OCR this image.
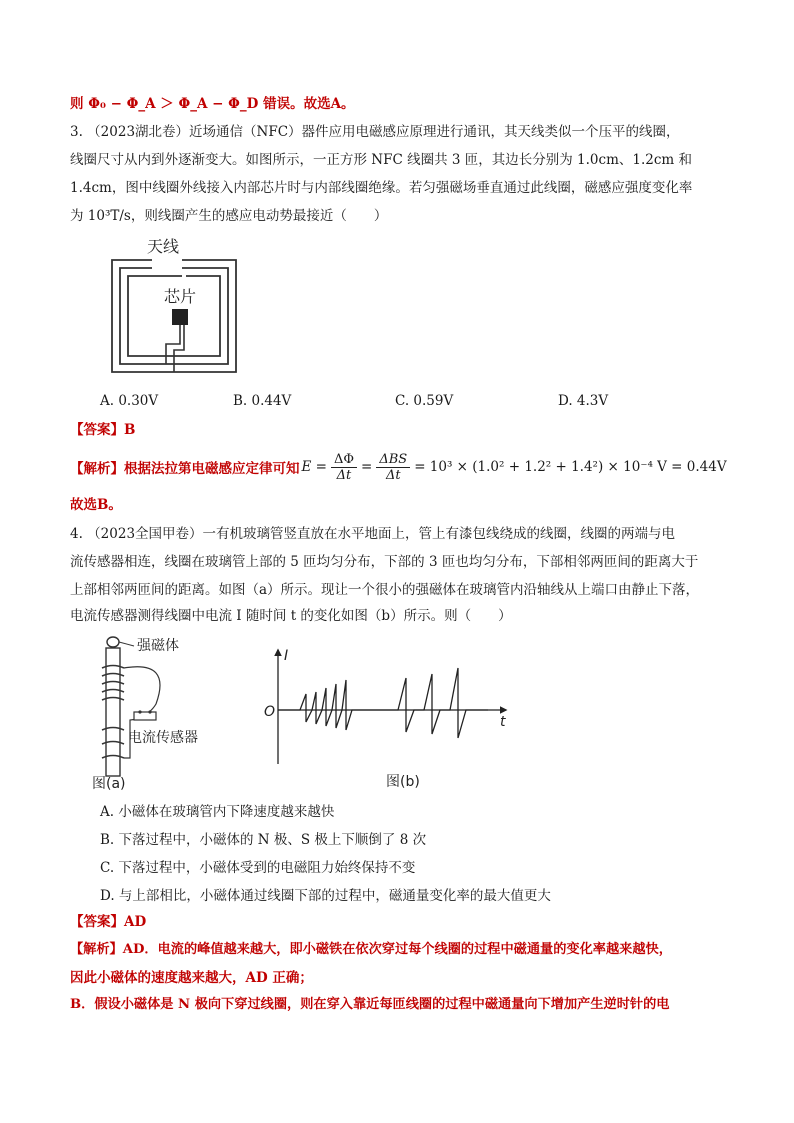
则 Φ₀ − Φ_A ＞ Φ_A − Φ_D 错误。故选A。
3. （2023湖北卷）近场通信（NFC）器件应用电磁感应原理进行通讯，其天线类似一个压平的线圈，
线圈尺寸从内到外逐渐变大。如图所示，一正方形 NFC 线圈共 3 匝，其边长分别为 1.0cm、1.2cm 和
1.4cm，图中线圈外线接入内部芯片时与内部线圈绝缘。若匀强磁场垂直通过此线圈，磁感应强度变化率
为 10³T/s，则线圈产生的感应电动势最接近（　　）
天线
芯片
A. 0.30V	B. 0.44V	C. 0.59V	D. 4.3V
【答案】B
【解析】根据法拉第电磁感应定律可知 $E = \frac{\Delta\Phi}{\Delta t} = \Delta BS$
Δt = 10³ × (1.0² + 1.2² + 1.4²) × 10⁻⁴ V = 0.44V
故选B。
4. （2023全国甲卷）一有机玻璃管竖直放在水平地面上，管上有漆包线绕成的线圈，线圈的两端与电
流传感器相连，线圈在玻璃管上部的 5 匝均匀分布，下部的 3 匝也均匀分布，下部相邻两匝间的距离大于
上部相邻两匝间的距离。如图（a）所示。现让一个很小的强磁体在玻璃管内沿轴线从上端口由静止下落，
电流传感器测得线圈中电流 I 随时间 t 的变化如图（b）所示。则（　　）
强磁体
电流传感器
图(a)
I
t
O
图(b)
A. 小磁体在玻璃管内下降速度越来越快
B. 下落过程中，小磁体的 N 极、S 极上下顺倒了 8 次
C. 下落过程中，小磁体受到的电磁阻力始终保持不变
D. 与上部相比，小磁体通过线圈下部的过程中，磁通量变化率的最大值更大
【答案】AD
【解析】AD．电流的峰值越来越大，即小磁铁在依次穿过每个线圈的过程中磁通量的变化率越来越快，
因此小磁体的速度越来越大，AD 正确；
B．假设小磁体是 N 极向下穿过线圈，则在穿入靠近每匝线圈的过程中磁通量向下增加产生逆时针的电
